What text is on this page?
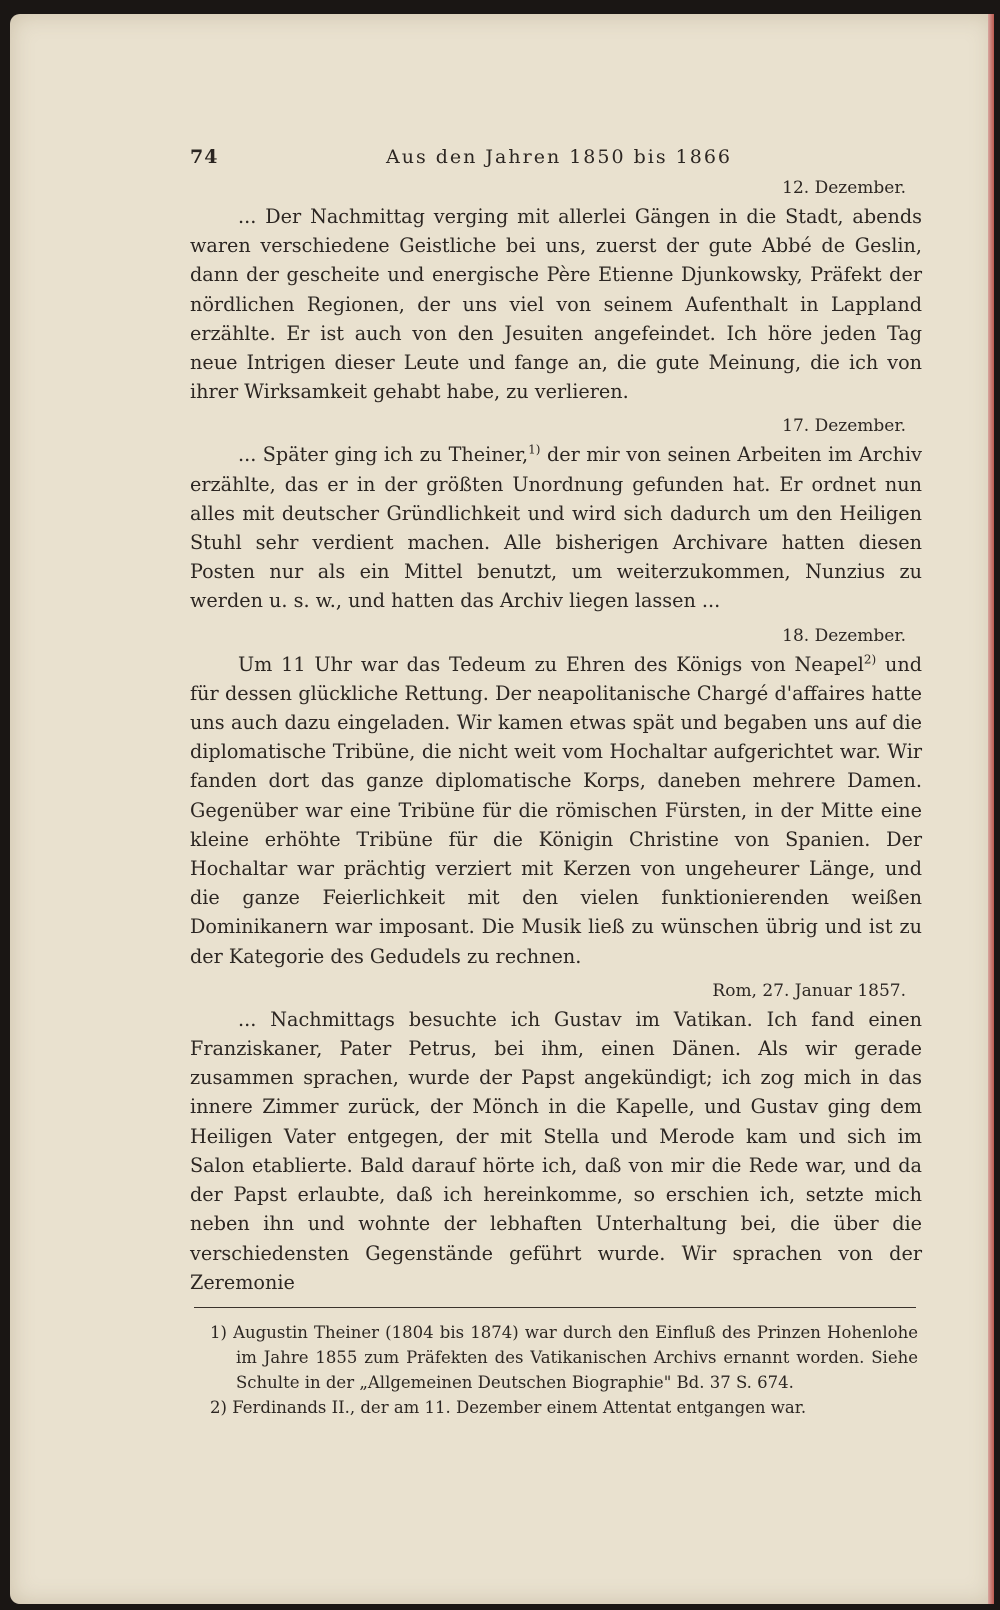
74	Aus den Jahren 1850 bis 1866
12. Dezember.

... Der Nachmittag verging mit allerlei Gängen in die Stadt, abends waren verschiedene Geistliche bei uns, zuerst der gute Abbé de Geslin, dann der gescheite und energische Père Etienne Djunkowsky, Präfekt der nördlichen Regionen, der uns viel von seinem Aufenthalt in Lappland erzählte. Er ist auch von den Jesuiten angefeindet. Ich höre jeden Tag neue Intrigen dieser Leute und fange an, die gute Meinung, die ich von ihrer Wirksamkeit gehabt habe, zu verlieren.

17. Dezember.

... Später ging ich zu Theiner,$^{1)}$ der mir von seinen Arbeiten im Archiv erzählte, das er in der größten Unordnung gefunden hat. Er ordnet nun alles mit deutscher Gründlichkeit und wird sich dadurch um den Heiligen Stuhl sehr verdient machen. Alle bisherigen Archivare hatten diesen Posten nur als ein Mittel benutzt, um weiterzukommen, Nunzius zu werden u. s. w., und hatten das Archiv liegen lassen ...

18. Dezember.

Um 11 Uhr war das Tedeum zu Ehren des Königs von Neapel$^{2)}$ und für dessen glückliche Rettung. Der neapolitanische Chargé d'affaires hatte uns auch dazu eingeladen. Wir kamen etwas spät und begaben uns auf die diplomatische Tribüne, die nicht weit vom Hochaltar aufgerichtet war. Wir fanden dort das ganze diplomatische Korps, daneben mehrere Damen. Gegenüber war eine Tribüne für die römischen Fürsten, in der Mitte eine kleine erhöhte Tribüne für die Königin Christine von Spanien. Der Hochaltar war prächtig verziert mit Kerzen von ungeheurer Länge, und die ganze Feierlichkeit mit den vielen funktionierenden weißen Dominikanern war imposant. Die Musik ließ zu wünschen übrig und ist zu der Kategorie des Gedudels zu rechnen.

Rom, 27. Januar 1857.

... Nachmittags besuchte ich Gustav im Vatikan. Ich fand einen Franziskaner, Pater Petrus, bei ihm, einen Dänen. Als wir gerade zusammen sprachen, wurde der Papst angekündigt; ich zog mich in das innere Zimmer zurück, der Mönch in die Kapelle, und Gustav ging dem Heiligen Vater entgegen, der mit Stella und Merode kam und sich im Salon etablierte. Bald darauf hörte ich, daß von mir die Rede war, und da der Papst erlaubte, daß ich hereinkomme, so erschien ich, setzte mich neben ihn und wohnte der lebhaften Unterhaltung bei, die über die verschiedensten Gegenstände geführt wurde. Wir sprachen von der Zeremonie

1) Augustin Theiner (1804 bis 1874) war durch den Einfluß des Prinzen Hohenlohe im Jahre 1855 zum Präfekten des Vatikanischen Archivs ernannt worden. Siehe Schulte in der „Allgemeinen Deutschen Biographie" Bd. 37 S. 674.

2) Ferdinands II., der am 11. Dezember einem Attentat entgangen war.
